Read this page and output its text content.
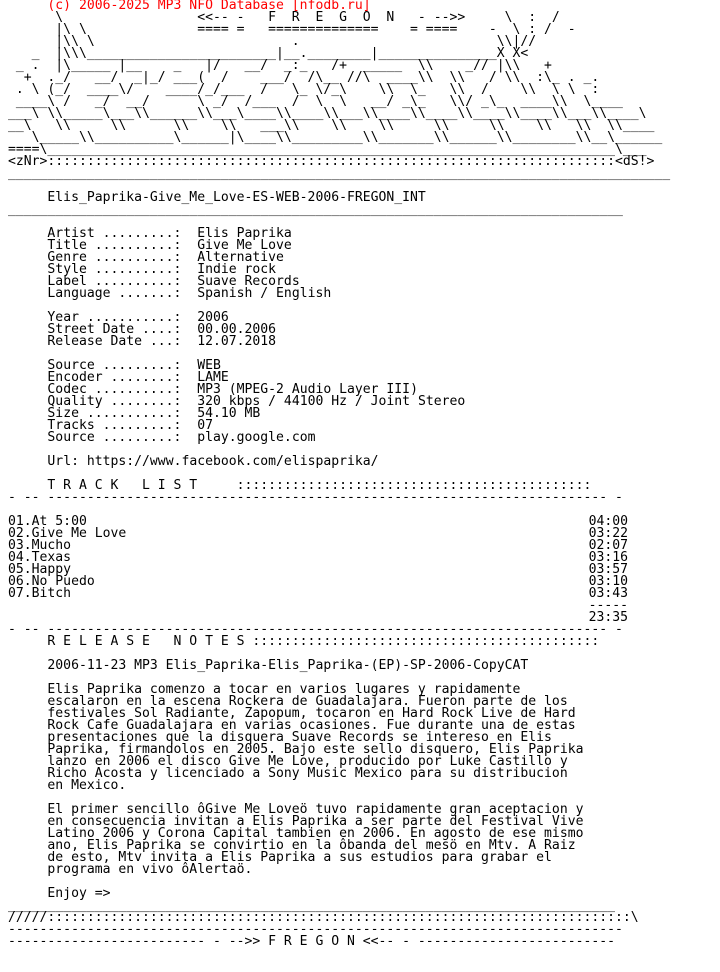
(c) 2006-2025 MP3 NFO Database [nfodb.ru]
\                 <<-- -   F  R  E  G  O  N   - -->>     \  :  /
|\ \              ==== =   ==============    = ====    -  \ : /  -
|\\ \                         .                         \\|//
_  |\\\________________________|__.________|_______________X X<
_ .  |\_____ |__    _   |/   __/  _:_   /+  _____  \\    _// |\\   +
+  ._/   __/  _|_/ ___(  /    ___/  /\__ //\  ____\\  \\   / \\  :\_ . _.
. \ (_/  ____\/    ____/_/___  /   \_ \/_\    \\  \_   \\  /    \\  \ \  :
____\ /   _/  __/      \ _/  /___  /  \  \   __/ _\_   \\/ _\_  ____\\  \____
___\ \\_____\___\\______\\___\____\\____\\___\\____\\____\\____\\____\\___\\____\
__\   \\     \\      \\    \\   ___\\    \\    \\     \\     \\    \\   \\  \\____
\_____\\__________\______|\____\\_________\\_______\\______\\________\\__\______
====\________________________________________________________________________\___
<zNr>::::::::::::::::::::::::::::::::::::::::::::::::::::::::::::::::::::::::<dS!>
____________________________________________________________________________________
Elis_Paprika-Give_Me_Love-ES-WEB-2006-FREGON_INT
______________________________________________________________________________
Artist .........: Elis Paprika
Title ..........: Give Me Love
Genre ..........: Alternative
Style ..........: Indie rock
Label ..........: Suave Records
Language .......: Spanish / English
Year ...........: 2006
Street Date ....: 00.00.2006
Release Date ...: 12.07.2018
Source .........: WEB
Encoder ........: LAME
Codec ..........: MP3 (MPEG-2 Audio Layer III)
Quality ........: 320 kbps / 44100 Hz / Joint Stereo
Size ...........: 54.10 MB
Tracks .........: 07
Source .........: play.google.com
Url: https://www.facebook.com/elispaprika/
T R A C K   L I S T     :::::::::::::::::::::::::::::::::::::::::::::
- -- ----------------------------------------------------------------------- -
01.At 5:00	04:00
02.Give Me Love	03:22
03.Mucho	02:07
04.Texas	03:16
05.Happy	03:57
06.No Puedo	03:10
07.Bitch	03:43
-----
23:35
- -- ----------------------------------------------------------------------- -
R E L E A S E   N O T E S ::::::::::::::::::::::::::::::::::::::::::::
2006-11-23 MP3 Elis_Paprika-Elis_Paprika-(EP)-SP-2006-CopyCAT
Elis Paprika comenzo a tocar en varios lugares y rapidamente
escalaron en la escena Rockera de Guadalajara. Fueron parte de los
festivales Sol Radiante, Zapopum, tocaron en Hard Rock Live de Hard
Rock Cafe Guadalajara en varias ocasiones. Fue durante una de estas
presentaciones que la disquera Suave Records se intereso en Elis
Paprika, firmandolos en 2005. Bajo este sello disquero, Elis Paprika
lanzo en 2006 el disco Give Me Love, producido por Luke Castillo y
Richo Acosta y licenciado a Sony Music Mexico para su distribucion
en Mexico.
El primer sencillo ôGive Me Loveö tuvo rapidamente gran aceptacion y
en consecuencia invitan a Elis Paprika a ser parte del Festival Vive
Latino 2006 y Corona Capital tambien en 2006. En agosto de ese mismo
ano, Elis Paprika se convirtio en la ôbanda del mesö en Mtv. A Raiz
de esto, Mtv invita a Elis Paprika a sus estudios para grabar el
programa en vivo ôAlertaö.
Enjoy =>
_____________________________________________________________________________
/////::::::::::::::::::::::::::::::::::::::::::::::::::::::::::::::::::::::::::\
------------------------------------------------------------------------------
------------------------- - -->> F R E G O N <<-- - -------------------------
